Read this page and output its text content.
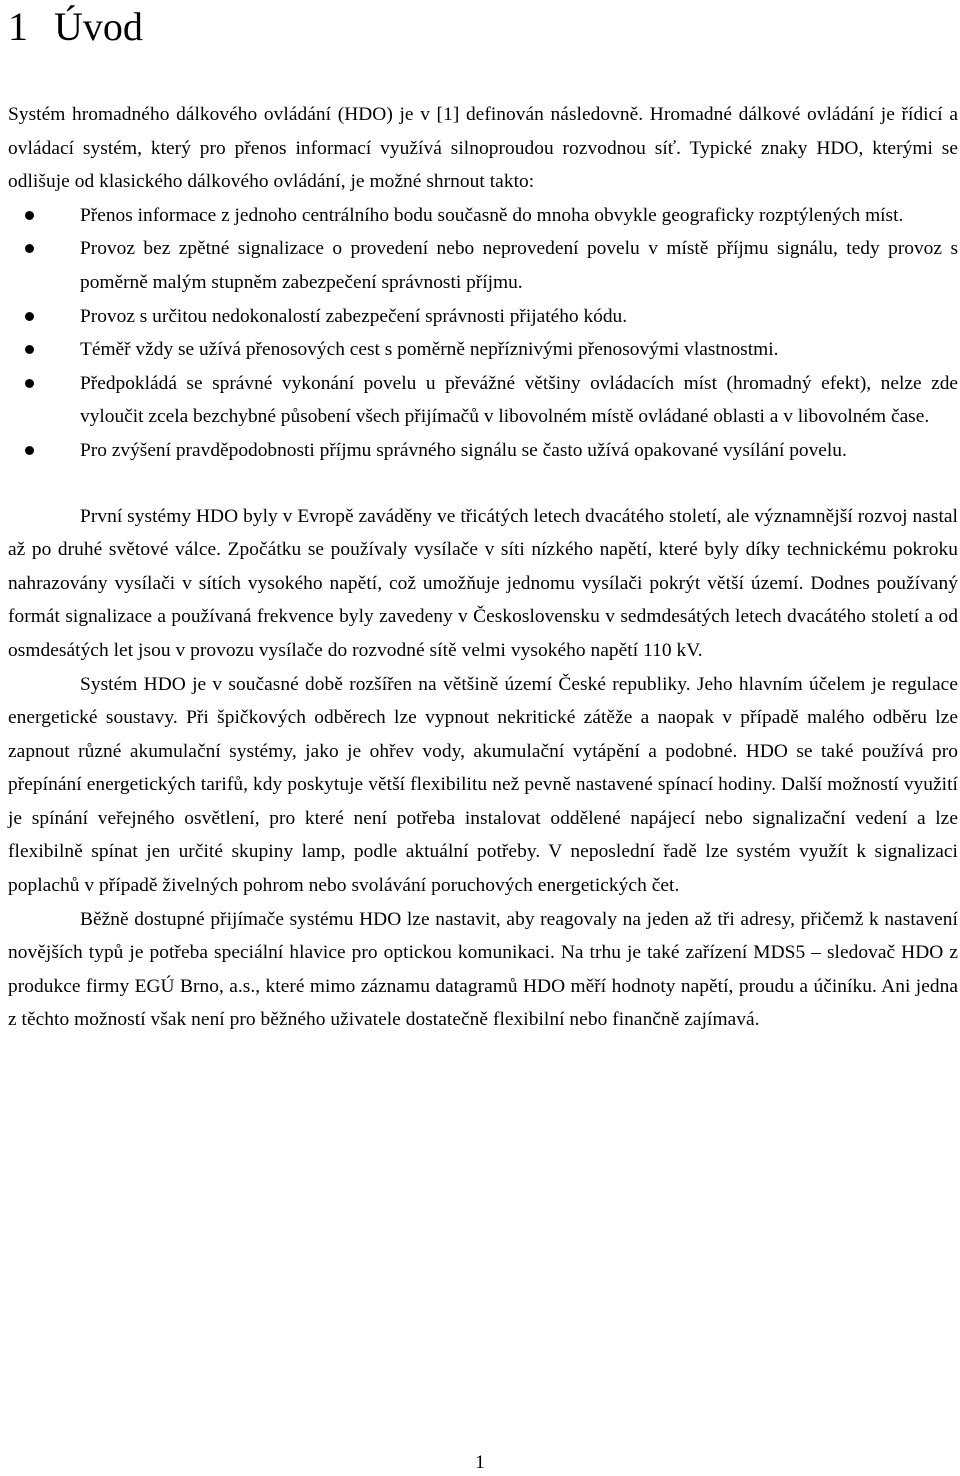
1 Úvod

Systém hromadného dálkového ovládání (HDO) je v [1] definován následovně. Hromadné dálkové ovládání je řídicí a ovládací systém, který pro přenos informací využívá silnoproudou rozvodnou síť. Typické znaky HDO, kterými se odlišuje od klasického dálkového ovládání, je možné shrnout takto:

Přenos informace z jednoho centrálního bodu současně do mnoha obvykle geograficky rozptýlených míst.
Provoz bez zpětné signalizace o provedení nebo neprovedení povelu v místě příjmu signálu, tedy provoz s poměrně malým stupněm zabezpečení správnosti příjmu.
Provoz s určitou nedokonalostí zabezpečení správnosti přijatého kódu.
Téměř vždy se užívá přenosových cest s poměrně nepříznivými přenosovými vlastnostmi.
Předpokládá se správné vykonání povelu u převážné většiny ovládacích míst (hromadný efekt), nelze zde vyloučit zcela bezchybné působení všech přijímačů v libovolném místě ovládané oblasti a v libovolném čase.
Pro zvýšení pravděpodobnosti příjmu správného signálu se často užívá opakované vysílání povelu.

První systémy HDO byly v Evropě zaváděny ve třicátých letech dvacátého století, ale významnější rozvoj nastal až po druhé světové válce. Zpočátku se používaly vysílače v síti nízkého napětí, které byly díky technickému pokroku nahrazovány vysílači v sítích vysokého napětí, což umožňuje jednomu vysílači pokrýt větší území. Dodnes používaný formát signalizace a používaná frekvence byly zavedeny v Československu v sedmdesátých letech dvacátého století a od osmdesátých let jsou v provozu vysílače do rozvodné sítě velmi vysokého napětí 110 kV.

Systém HDO je v současné době rozšířen na většině území České republiky. Jeho hlavním účelem je regulace energetické soustavy. Při špičkových odběrech lze vypnout nekritické zátěže a naopak v případě malého odběru lze zapnout různé akumulační systémy, jako je ohřev vody, akumulační vytápění a podobné. HDO se také používá pro přepínání energetických tarifů, kdy poskytuje větší flexibilitu než pevně nastavené spínací hodiny. Další možností využití je spínání veřejného osvětlení, pro které není potřeba instalovat oddělené napájecí nebo signalizační vedení a lze flexibilně spínat jen určité skupiny lamp, podle aktuální potřeby. V neposlední řadě lze systém využít k signalizaci poplachů v případě živelných pohrom nebo svolávání poruchových energetických čet.

Běžně dostupné přijímače systému HDO lze nastavit, aby reagovaly na jeden až tři adresy, přičemž k nastavení novějších typů je potřeba speciální hlavice pro optickou komunikaci. Na trhu je také zařízení MDS5 – sledovač HDO z produkce firmy EGÚ Brno, a.s., které mimo záznamu datagramů HDO měří hodnoty napětí, proudu a účiníku. Ani jedna z těchto možností však není pro běžného uživatele dostatečně flexibilní nebo finančně zajímavá.

1
